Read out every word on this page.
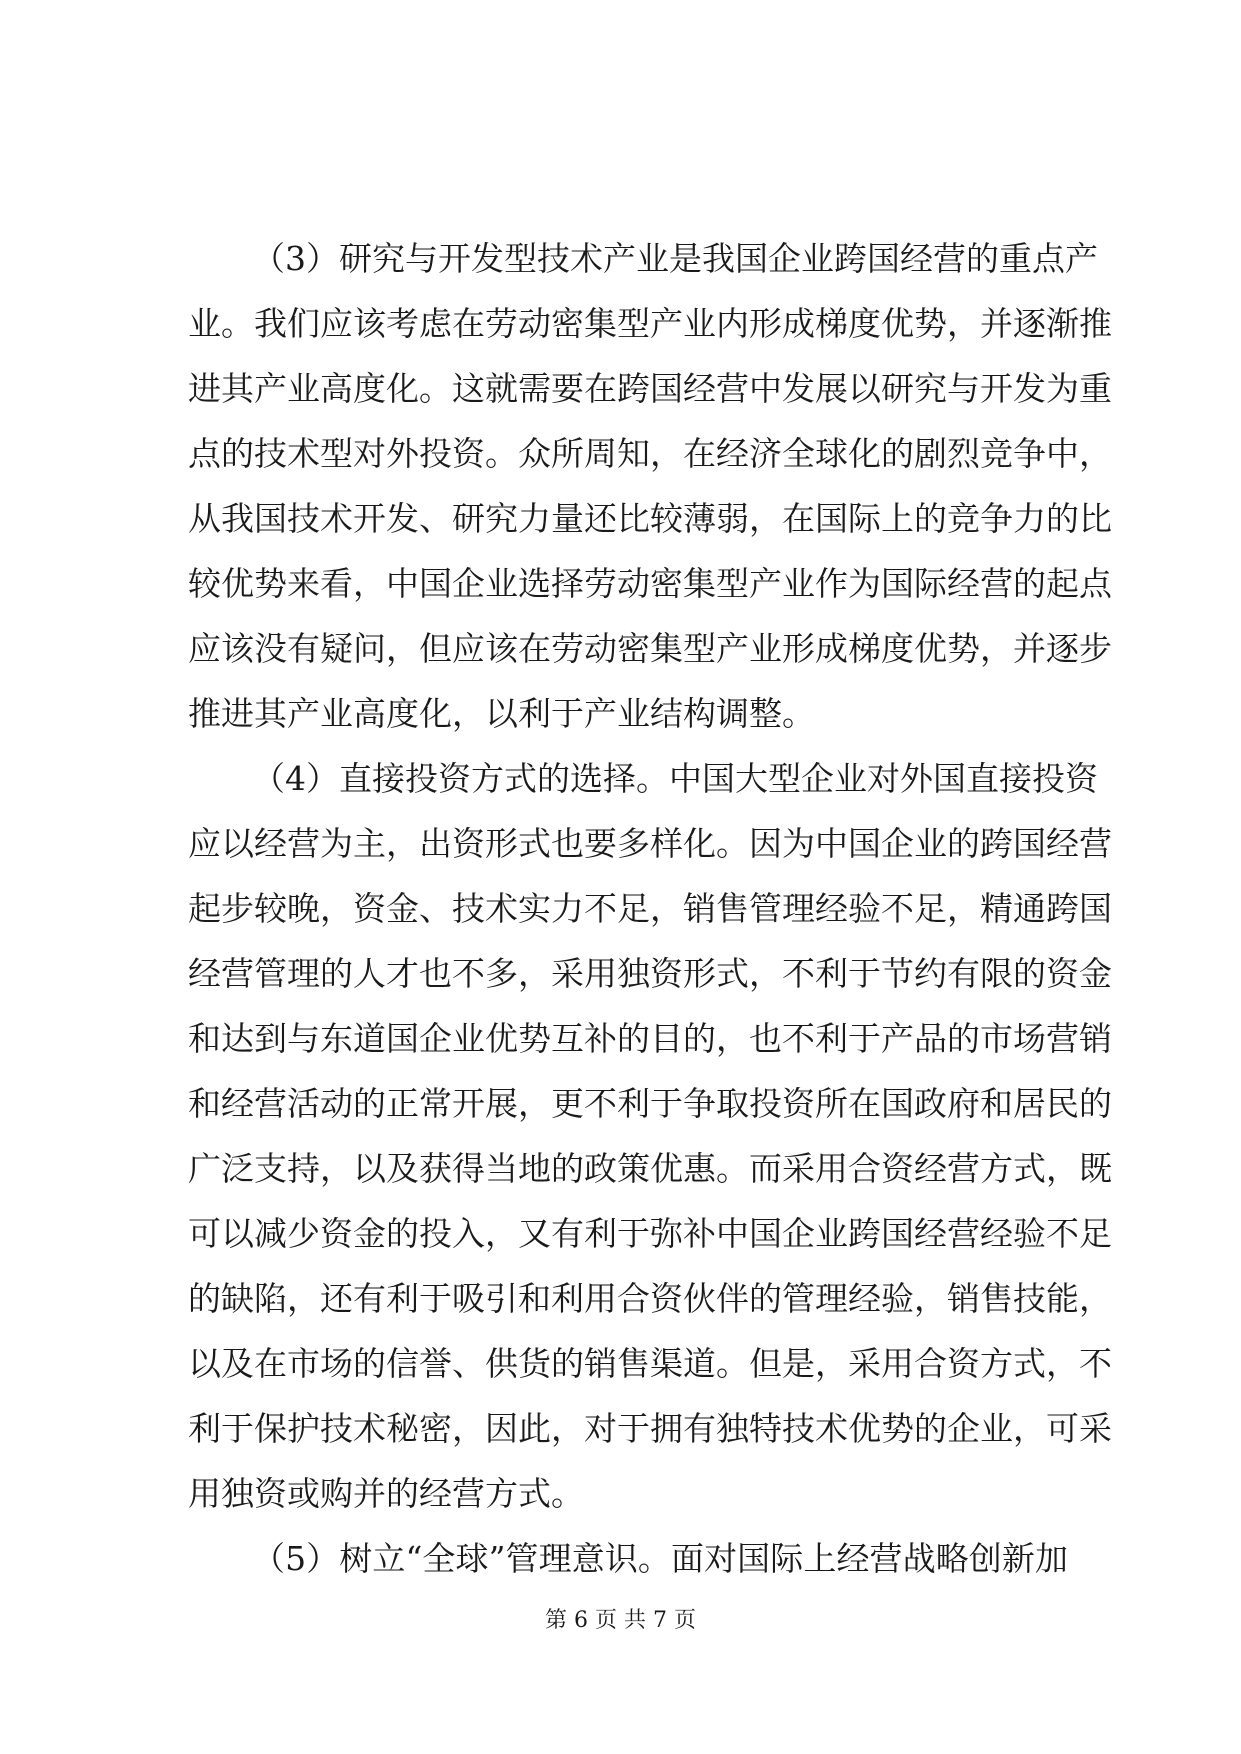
（3）研究与开发型技术产业是我国企业跨国经营的重点产
业。我们应该考虑在劳动密集型产业内形成梯度优势，并逐渐推
进其产业高度化。这就需要在跨国经营中发展以研究与开发为重
点的技术型对外投资。众所周知，在经济全球化的剧烈竞争中，
从我国技术开发、研究力量还比较薄弱，在国际上的竞争力的比
较优势来看，中国企业选择劳动密集型产业作为国际经营的起点
应该没有疑问，但应该在劳动密集型产业形成梯度优势，并逐步
推进其产业高度化，以利于产业结构调整。
（4）直接投资方式的选择。中国大型企业对外国直接投资
应以经营为主，出资形式也要多样化。因为中国企业的跨国经营
起步较晚，资金、技术实力不足，销售管理经验不足，精通跨国
经营管理的人才也不多，采用独资形式，不利于节约有限的资金
和达到与东道国企业优势互补的目的，也不利于产品的市场营销
和经营活动的正常开展，更不利于争取投资所在国政府和居民的
广泛支持，以及获得当地的政策优惠。而采用合资经营方式，既
可以减少资金的投入，又有利于弥补中国企业跨国经营经验不足
的缺陷，还有利于吸引和利用合资伙伴的管理经验，销售技能，
以及在市场的信誉、供货的销售渠道。但是，采用合资方式，不
利于保护技术秘密，因此，对于拥有独特技术优势的企业，可采
用独资或购并的经营方式。
（5）树立“全球”管理意识。面对国际上经营战略创新加
第 6 页 共 7 页
